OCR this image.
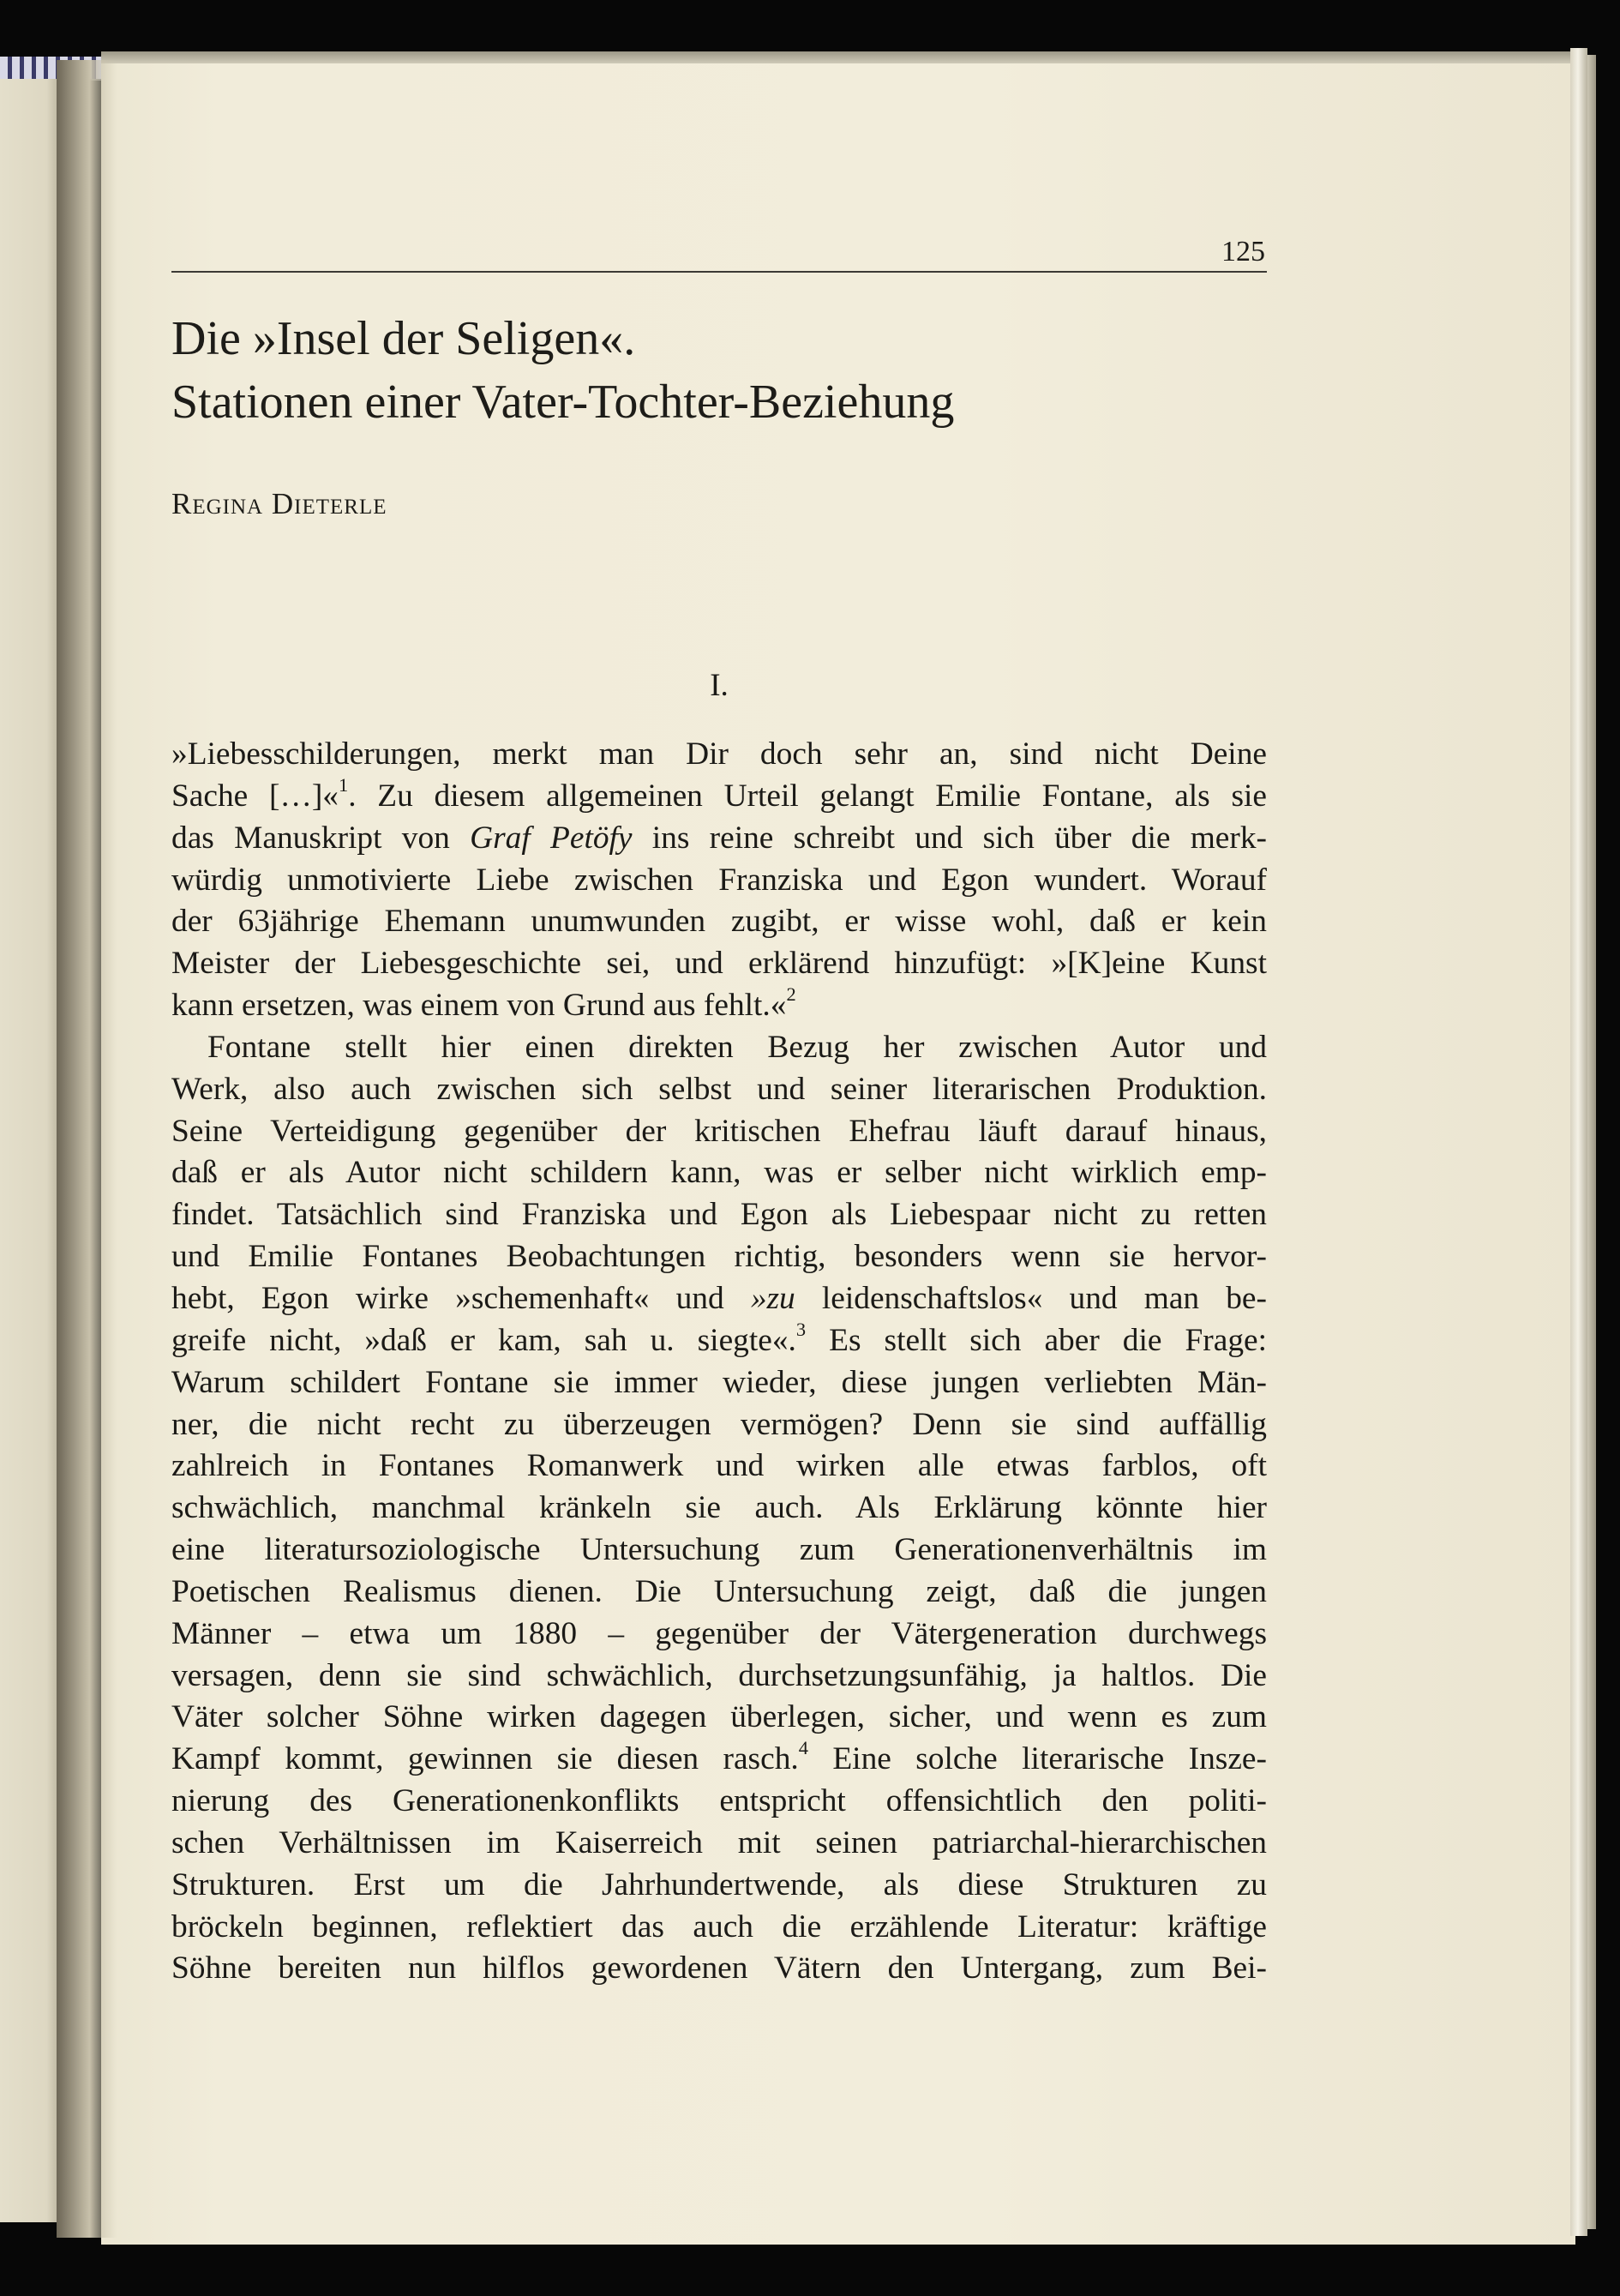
125
Die »Insel der Seligen«.
Stationen einer Vater-Tochter-Beziehung
Regina Dieterle
I.
»Liebesschilderungen, merkt man Dir doch sehr an, sind nicht Deine
Sache […]«$^1$. Zu diesem allgemeinen Urteil gelangt Emilie Fontane, als sie
das Manuskript von Graf Petöfy ins reine schreibt und sich über die merk-
würdig unmotivierte Liebe zwischen Franziska und Egon wundert. Worauf
der 63jährige Ehemann unumwunden zugibt, er wisse wohl, daß er kein
Meister der Liebesgeschichte sei, und erklärend hinzufügt: »[K]eine Kunst
kann ersetzen, was einem von Grund aus fehlt.«$^2$
Fontane stellt hier einen direkten Bezug her zwischen Autor und
Werk, also auch zwischen sich selbst und seiner literarischen Produktion.
Seine Verteidigung gegenüber der kritischen Ehefrau läuft darauf hinaus,
daß er als Autor nicht schildern kann, was er selber nicht wirklich emp-
findet. Tatsächlich sind Franziska und Egon als Liebespaar nicht zu retten
und Emilie Fontanes Beobachtungen richtig, besonders wenn sie hervor-
hebt, Egon wirke »schemenhaft« und »zu leidenschaftslos« und man be-
greife nicht, »daß er kam, sah u. siegte«.$^3$ Es stellt sich aber die Frage:
Warum schildert Fontane sie immer wieder, diese jungen verliebten Män-
ner, die nicht recht zu überzeugen vermögen? Denn sie sind auffällig
zahlreich in Fontanes Romanwerk und wirken alle etwas farblos, oft
schwächlich, manchmal kränkeln sie auch. Als Erklärung könnte hier
eine literatursoziologische Untersuchung zum Generationenverhältnis im
Poetischen Realismus dienen. Die Untersuchung zeigt, daß die jungen
Männer – etwa um 1880 – gegenüber der Vätergeneration durchwegs
versagen, denn sie sind schwächlich, durchsetzungsunfähig, ja haltlos. Die
Väter solcher Söhne wirken dagegen überlegen, sicher, und wenn es zum
Kampf kommt, gewinnen sie diesen rasch.$^4$ Eine solche literarische Insze-
nierung des Generationenkonflikts entspricht offensichtlich den politi-
schen Verhältnissen im Kaiserreich mit seinen patriarchal-hierarchischen
Strukturen. Erst um die Jahrhundertwende, als diese Strukturen zu
bröckeln beginnen, reflektiert das auch die erzählende Literatur: kräftige
Söhne bereiten nun hilflos gewordenen Vätern den Untergang, zum Bei-
